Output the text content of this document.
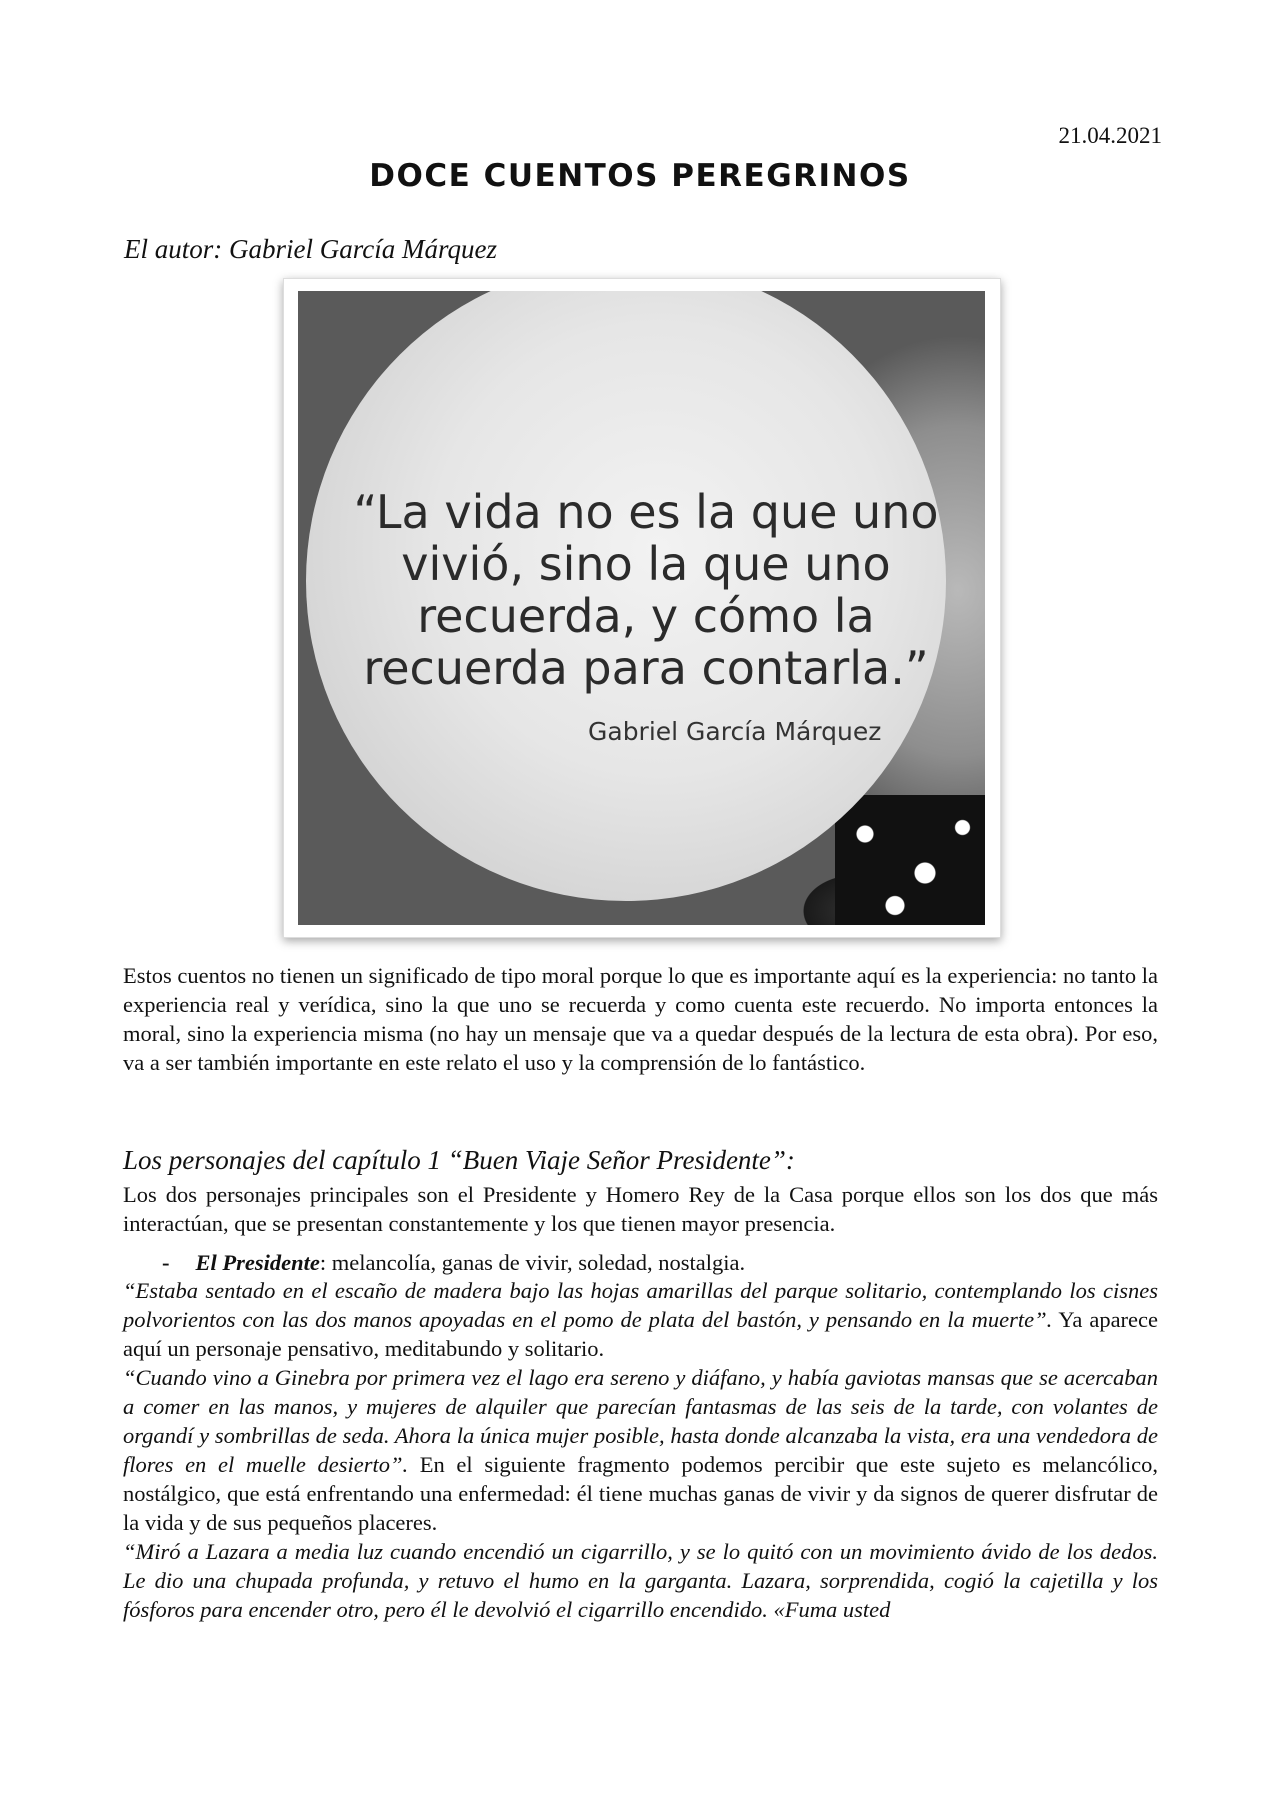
21.04.2021
DOCE CUENTOS PEREGRINOS
El autor: Gabriel García Márquez

“La vida no es la que uno
vivió, sino la que uno
recuerda, y cómo la
recuerda para contarla.”

Gabriel García Márquez

Estos cuentos no tienen un significado de tipo moral porque lo que es importante aquí es la experiencia: no tanto la experiencia real y verídica, sino la que uno se recuerda y como cuenta este recuerdo. No importa entonces la moral, sino la experiencia misma (no hay un mensaje que va a quedar después de la lectura de esta obra). Por eso, va a ser también importante en este relato el uso y la comprensión de lo fantástico.

Los personajes del capítulo 1 “Buen Viaje Señor Presidente”:

Los dos personajes principales son el Presidente y Homero Rey de la Casa porque ellos son los dos que más interactúan, que se presentan constantemente y los que tienen mayor presencia.

- El Presidente: melancolía, ganas de vivir, soledad, nostalgia.

“Estaba sentado en el escaño de madera bajo las hojas amarillas del parque solitario, contemplando los cisnes polvorientos con las dos manos apoyadas en el pomo de plata del bastón, y pensando en la muerte”. Ya aparece aquí un personaje pensativo, meditabundo y solitario.

“Cuando vino a Ginebra por primera vez el lago era sereno y diáfano, y había gaviotas mansas que se acercaban a comer en las manos, y mujeres de alquiler que parecían fantasmas de las seis de la tarde, con volantes de organdí y sombrillas de seda. Ahora la única mujer posible, hasta donde alcanzaba la vista, era una vendedora de flores en el muelle desierto”. En el siguiente fragmento podemos percibir que este sujeto es melancólico, nostálgico, que está enfrentando una enfermedad: él tiene muchas ganas de vivir y da signos de querer disfrutar de la vida y de sus pequeños placeres.

“Miró a Lazara a media luz cuando encendió un cigarrillo, y se lo quitó con un movimiento ávido de los dedos. Le dio una chupada profunda, y retuvo el humo en la garganta. Lazara, sorprendida, cogió la cajetilla y los fósforos para encender otro, pero él le devolvió el cigarrillo encendido. «Fuma usted
